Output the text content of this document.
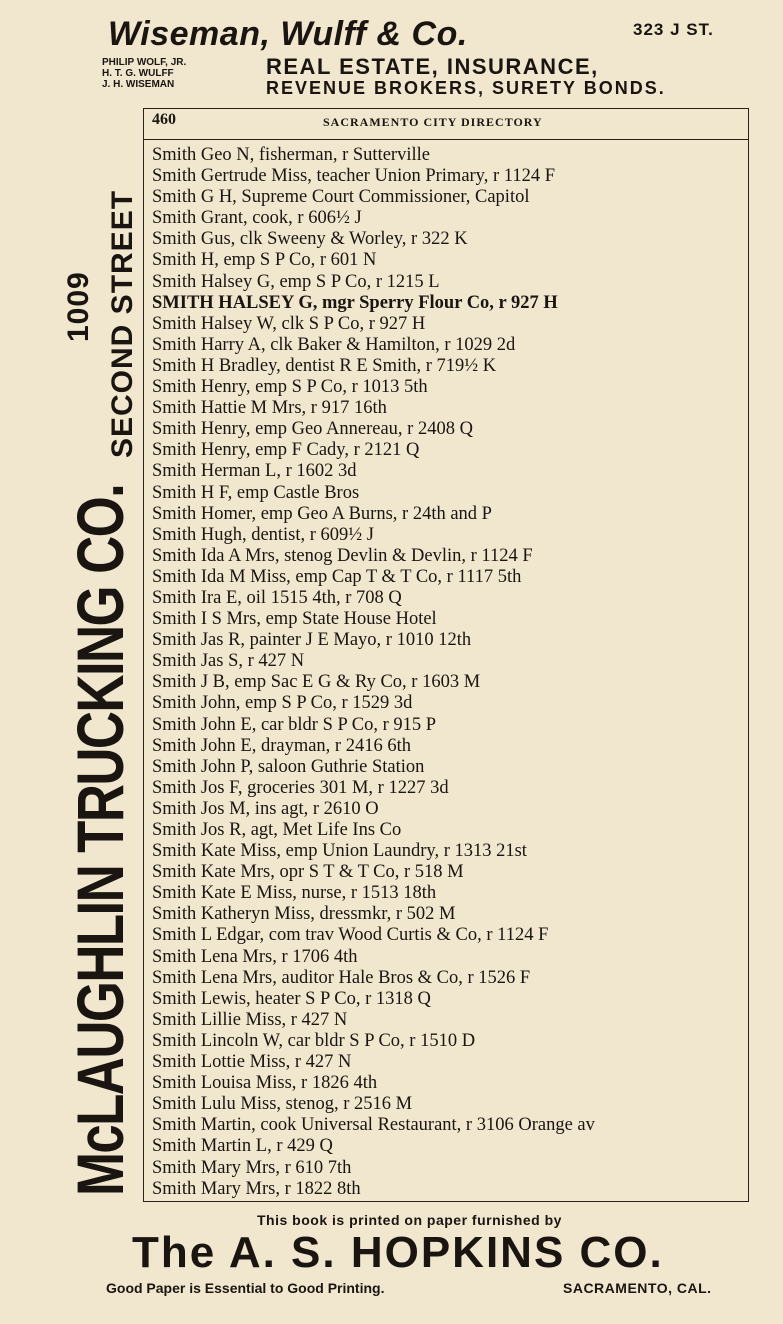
Wiseman, Wulff & Co.	323 J ST.
PHILIP WOLF, JR.
H. T. G. WULFF
J. H. WISEMAN
REAL ESTATE, INSURANCE,
REVENUE BROKERS, SURETY BONDS.
McLAUGHLIN TRUCKING CO.
1009 SECOND STREET
460	SACRAMENTO CITY DIRECTORY
Smith Geo N, fisherman, r Sutterville
Smith Gertrude Miss, teacher Union Primary, r 1124 F
Smith G H, Supreme Court Commissioner, Capitol
Smith Grant, cook, r 606½ J
Smith Gus, clk Sweeny & Worley, r 322 K
Smith H, emp S P Co, r 601 N
Smith Halsey G, emp S P Co, r 1215 L
SMITH HALSEY G, mgr Sperry Flour Co, r 927 H
Smith Halsey W, clk S P Co, r 927 H
Smith Harry A, clk Baker & Hamilton, r 1029 2d
Smith H Bradley, dentist R E Smith, r 719½ K
Smith Henry, emp S P Co, r 1013 5th
Smith Hattie M Mrs, r 917 16th
Smith Henry, emp Geo Annereau, r 2408 Q
Smith Henry, emp F Cady, r 2121 Q
Smith Herman L, r 1602 3d
Smith H F, emp Castle Bros
Smith Homer, emp Geo A Burns, r 24th and P
Smith Hugh, dentist, r 609½ J
Smith Ida A Mrs, stenog Devlin & Devlin, r 1124 F
Smith Ida M Miss, emp Cap T & T Co, r 1117 5th
Smith Ira E, oil 1515 4th, r 708 Q
Smith I S Mrs, emp State House Hotel
Smith Jas R, painter J E Mayo, r 1010 12th
Smith Jas S, r 427 N
Smith J B, emp Sac E G & Ry Co, r 1603 M
Smith John, emp S P Co, r 1529 3d
Smith John E, car bldr S P Co, r 915 P
Smith John E, drayman, r 2416 6th
Smith John P, saloon Guthrie Station
Smith Jos F, groceries 301 M, r 1227 3d
Smith Jos M, ins agt, r 2610 O
Smith Jos R, agt, Met Life Ins Co
Smith Kate Miss, emp Union Laundry, r 1313 21st
Smith Kate Mrs, opr S T & T Co, r 518 M
Smith Kate E Miss, nurse, r 1513 18th
Smith Katheryn Miss, dressmkr, r 502 M
Smith L Edgar, com trav Wood Curtis & Co, r 1124 F
Smith Lena Mrs, r 1706 4th
Smith Lena Mrs, auditor Hale Bros & Co, r 1526 F
Smith Lewis, heater S P Co, r 1318 Q
Smith Lillie Miss, r 427 N
Smith Lincoln W, car bldr S P Co, r 1510 D
Smith Lottie Miss, r 427 N
Smith Louisa Miss, r 1826 4th
Smith Lulu Miss, stenog, r 2516 M
Smith Martin, cook Universal Restaurant, r 3106 Orange av
Smith Martin L, r 429 Q
Smith Mary Mrs, r 610 7th
Smith Mary Mrs, r 1822 8th
This book is printed on paper furnished by
The A. S. HOPKINS CO.
Good Paper is Essential to Good Printing.	SACRAMENTO, CAL.
